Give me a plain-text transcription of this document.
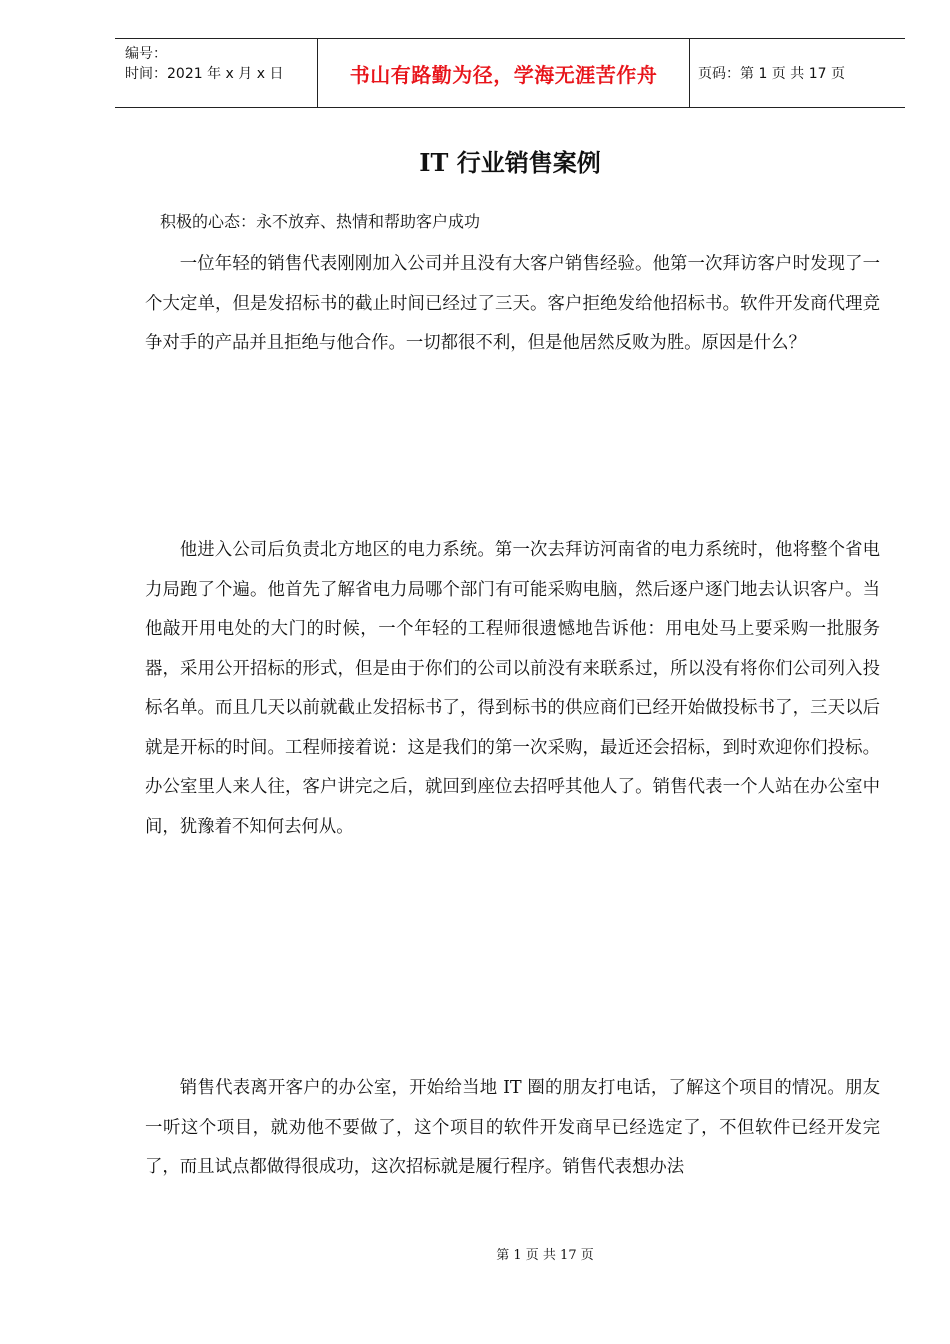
编号：
时间：2021 年 x 月 x 日	书山有路勤为径，学海无涯苦作舟	页码：第 1 页 共 17 页
IT 行业销售案例
积极的心态：永不放弃、热情和帮助客户成功

一位年轻的销售代表刚刚加入公司并且没有大客户销售经验。他第一次拜访客户时发现了一个大定单，但是发招标书的截止时间已经过了三天。客户拒绝发给他招标书。软件开发商代理竞争对手的产品并且拒绝与他合作。一切都很不利，但是他居然反败为胜。原因是什么？

他进入公司后负责北方地区的电力系统。第一次去拜访河南省的电力系统时，他将整个省电力局跑了个遍。他首先了解省电力局哪个部门有可能采购电脑，然后逐户逐门地去认识客户。当他敲开用电处的大门的时候，一个年轻的工程师很遗憾地告诉他：用电处马上要采购一批服务器，采用公开招标的形式，但是由于你们的公司以前没有来联系过，所以没有将你们公司列入投标名单。而且几天以前就截止发招标书了，得到标书的供应商们已经开始做投标书了，三天以后就是开标的时间。工程师接着说：这是我们的第一次采购，最近还会招标，到时欢迎你们投标。办公室里人来人往，客户讲完之后，就回到座位去招呼其他人了。销售代表一个人站在办公室中间，犹豫着不知何去何从。

销售代表离开客户的办公室，开始给当地 IT 圈的朋友打电话，了解这个项目的情况。朋友一听这个项目，就劝他不要做了，这个项目的软件开发商早已经选定了，不但软件已经开发完了，而且试点都做得很成功，这次招标就是履行程序。销售代表想办法

第 1 页 共 17 页
